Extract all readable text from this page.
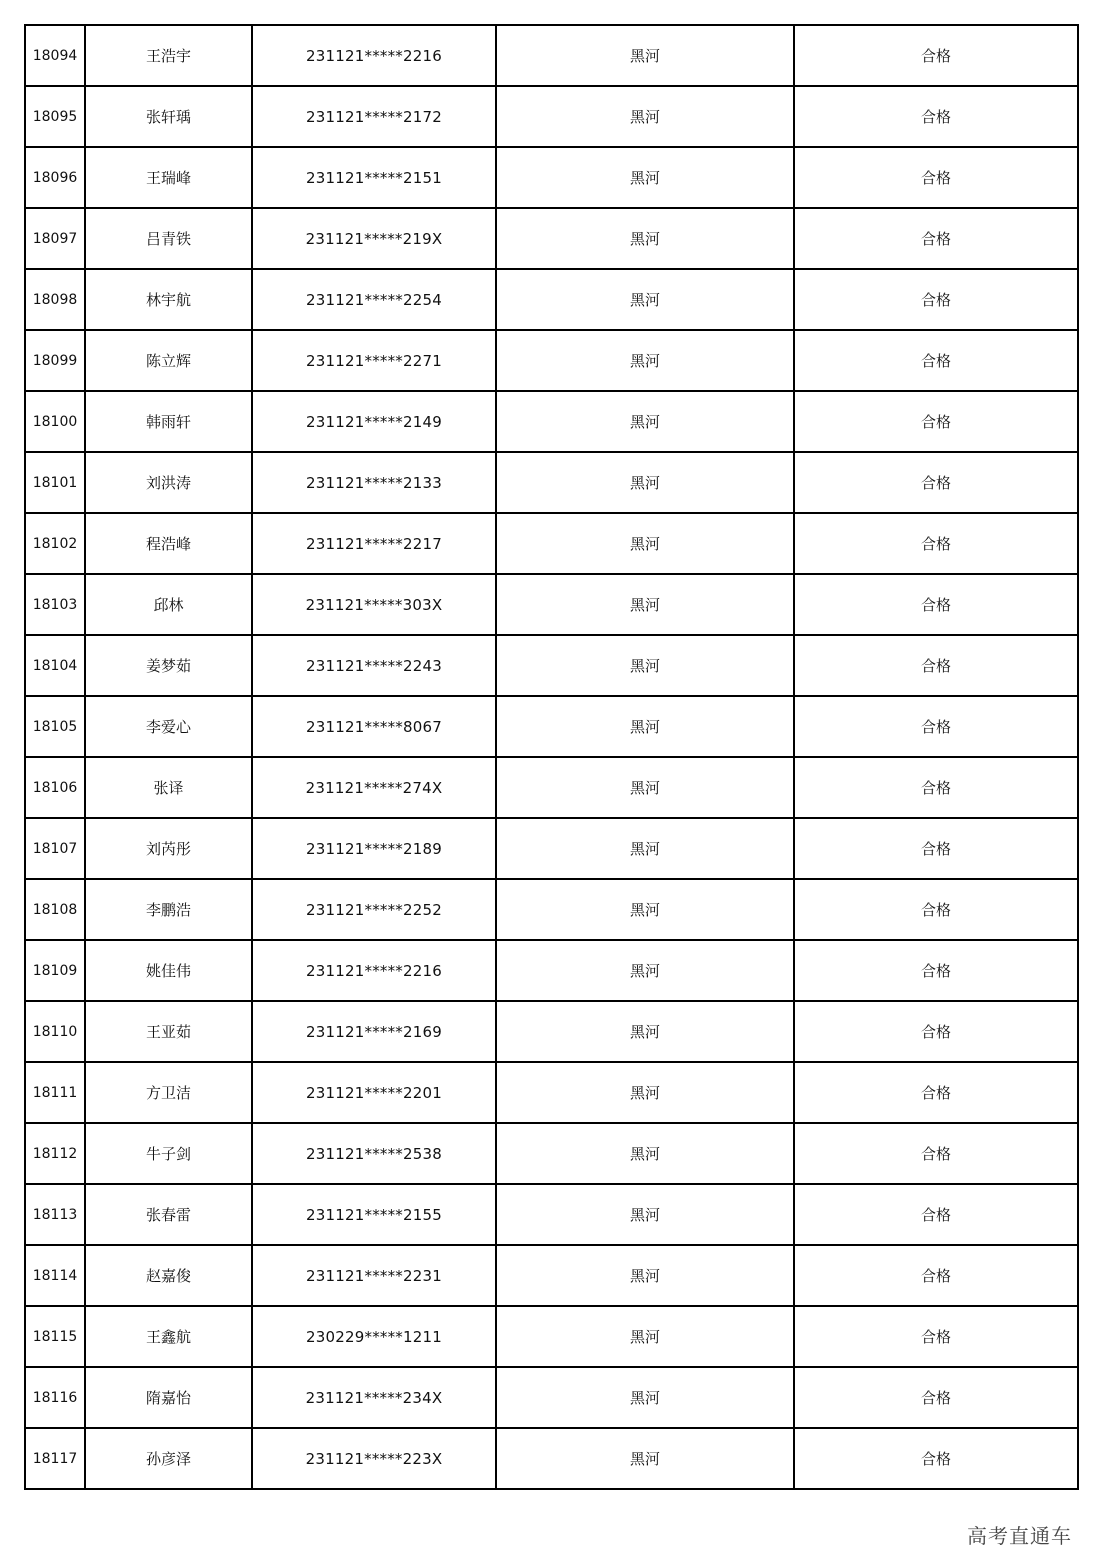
18094	王浩宇	231121*****2216	黑河	合格
18095	张轩瑀	231121*****2172	黑河	合格
18096	王瑞峰	231121*****2151	黑河	合格
18097	吕青铁	231121*****219X	黑河	合格
18098	林宇航	231121*****2254	黑河	合格
18099	陈立辉	231121*****2271	黑河	合格
18100	韩雨轩	231121*****2149	黑河	合格
18101	刘洪涛	231121*****2133	黑河	合格
18102	程浩峰	231121*****2217	黑河	合格
18103	邱林	231121*****303X	黑河	合格
18104	姜梦茹	231121*****2243	黑河	合格
18105	李爱心	231121*****8067	黑河	合格
18106	张译	231121*****274X	黑河	合格
18107	刘芮彤	231121*****2189	黑河	合格
18108	李鹏浩	231121*****2252	黑河	合格
18109	姚佳伟	231121*****2216	黑河	合格
18110	王亚茹	231121*****2169	黑河	合格
18111	方卫洁	231121*****2201	黑河	合格
18112	牛子剑	231121*****2538	黑河	合格
18113	张春雷	231121*****2155	黑河	合格
18114	赵嘉俊	231121*****2231	黑河	合格
18115	王鑫航	230229*****1211	黑河	合格
18116	隋嘉怡	231121*****234X	黑河	合格
18117	孙彦泽	231121*****223X	黑河	合格
高考直通车
